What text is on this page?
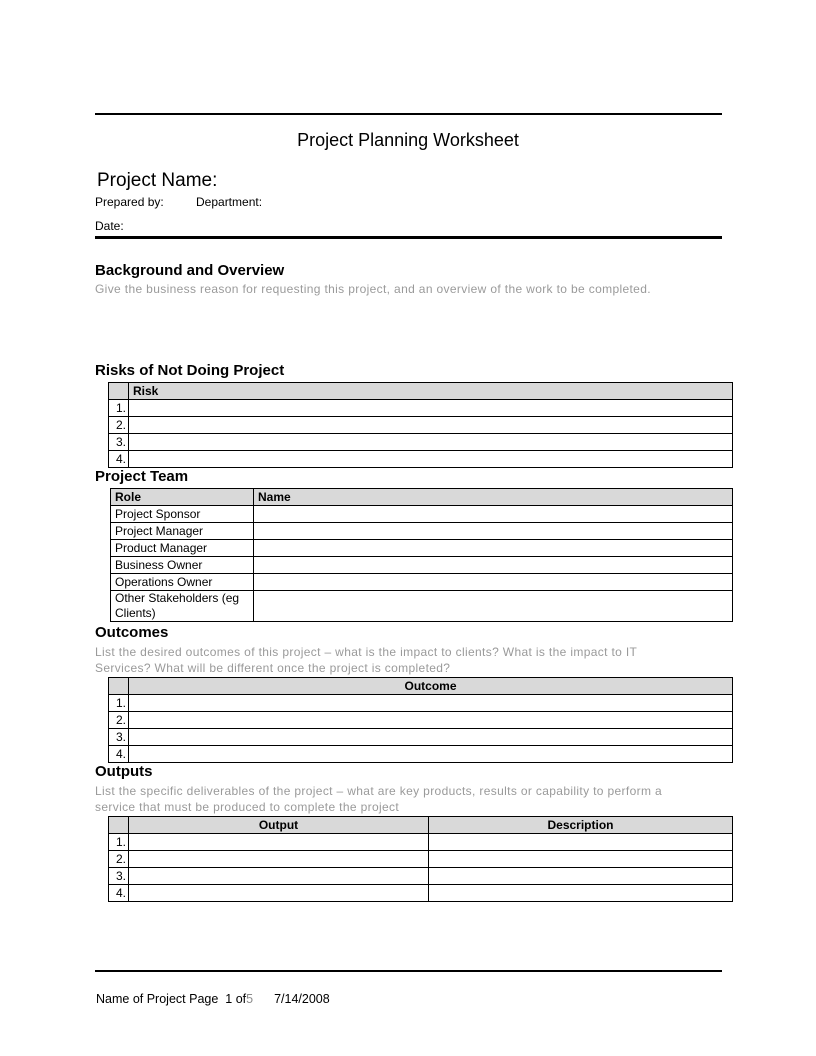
Project Planning Worksheet
Project Name:
Prepared by:	Department:
Date:
Background and Overview
Give the business reason for requesting this project, and an overview of the work to be completed.
Risks of Not Doing Project
	Risk
1.	
2.	
3.	
4.	
Project Team
Role	Name
Project Sponsor	
Project Manager	
Product Manager	
Business Owner	
Operations Owner	
Other Stakeholders (eg Clients)	
Outcomes
List the desired outcomes of this project – what is the impact to clients? What is the impact to IT Services? What will be different once the project is completed?
	Outcome
1.	
2.	
3.	
4.	
Outputs
List the specific deliverables of the project – what are key products, results or capability to perform a service that must be produced to complete the project
	Output	Description
1.		
2.		
3.		
4.		
Name of Project Page 1 of5 7/14/2008
